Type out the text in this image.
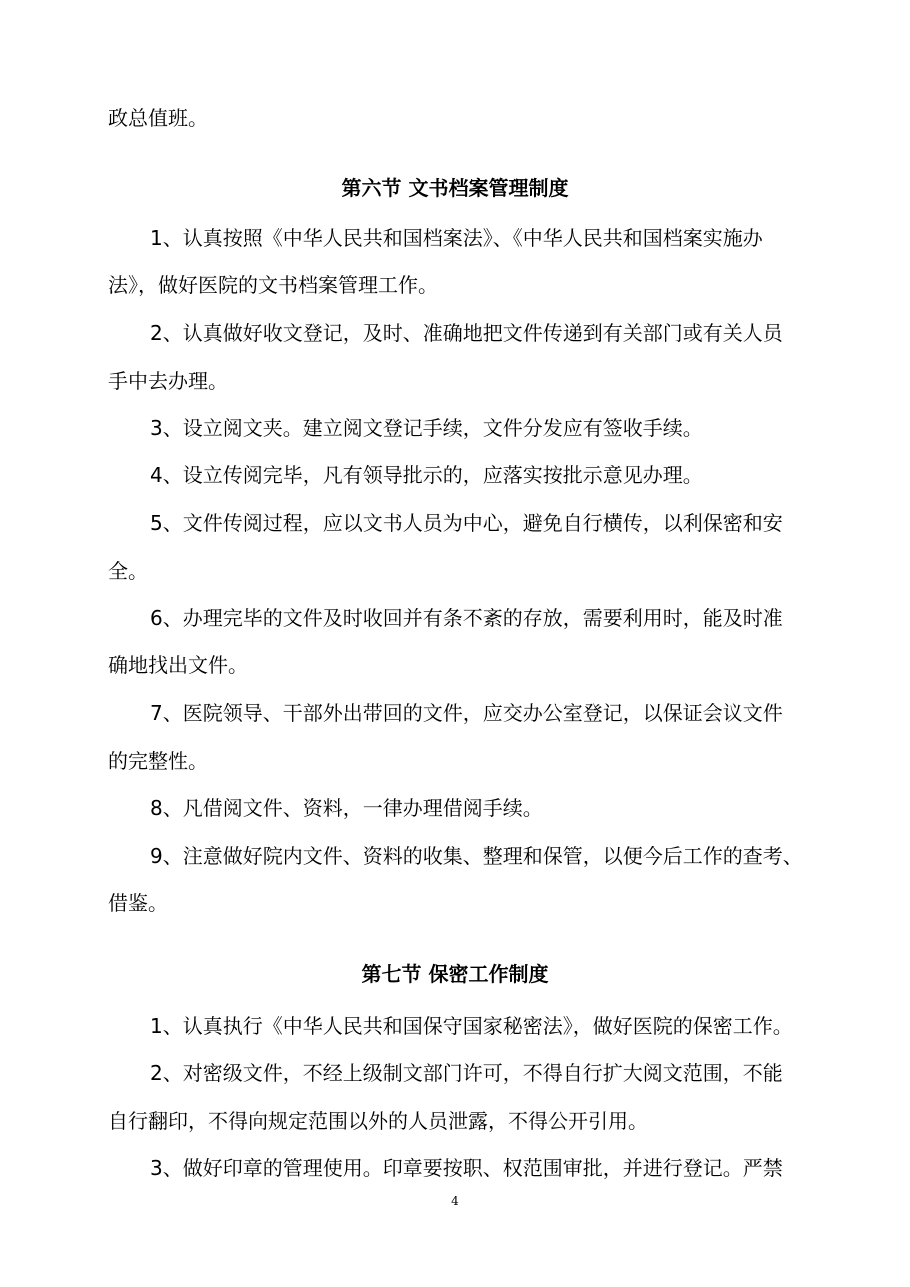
政总值班。
第六节 文书档案管理制度
1、认真按照《中华人民共和国档案法》、《中华人民共和国档案实施办
法》，做好医院的文书档案管理工作。
2、认真做好收文登记，及时、准确地把文件传递到有关部门或有关人员
手中去办理。
3、设立阅文夹。建立阅文登记手续，文件分发应有签收手续。
4、设立传阅完毕，凡有领导批示的，应落实按批示意见办理。
5、文件传阅过程，应以文书人员为中心，避免自行横传，以利保密和安
全。
6、办理完毕的文件及时收回并有条不紊的存放，需要利用时，能及时准
确地找出文件。
7、医院领导、干部外出带回的文件，应交办公室登记，以保证会议文件
的完整性。
8、凡借阅文件、资料，一律办理借阅手续。
9、注意做好院内文件、资料的收集、整理和保管，以便今后工作的查考、
借鉴。
第七节 保密工作制度
1、认真执行《中华人民共和国保守国家秘密法》，做好医院的保密工作。
2、对密级文件，不经上级制文部门许可，不得自行扩大阅文范围，不能
自行翻印，不得向规定范围以外的人员泄露，不得公开引用。
3、做好印章的管理使用。印章要按职、权范围审批，并进行登记。严禁
4
